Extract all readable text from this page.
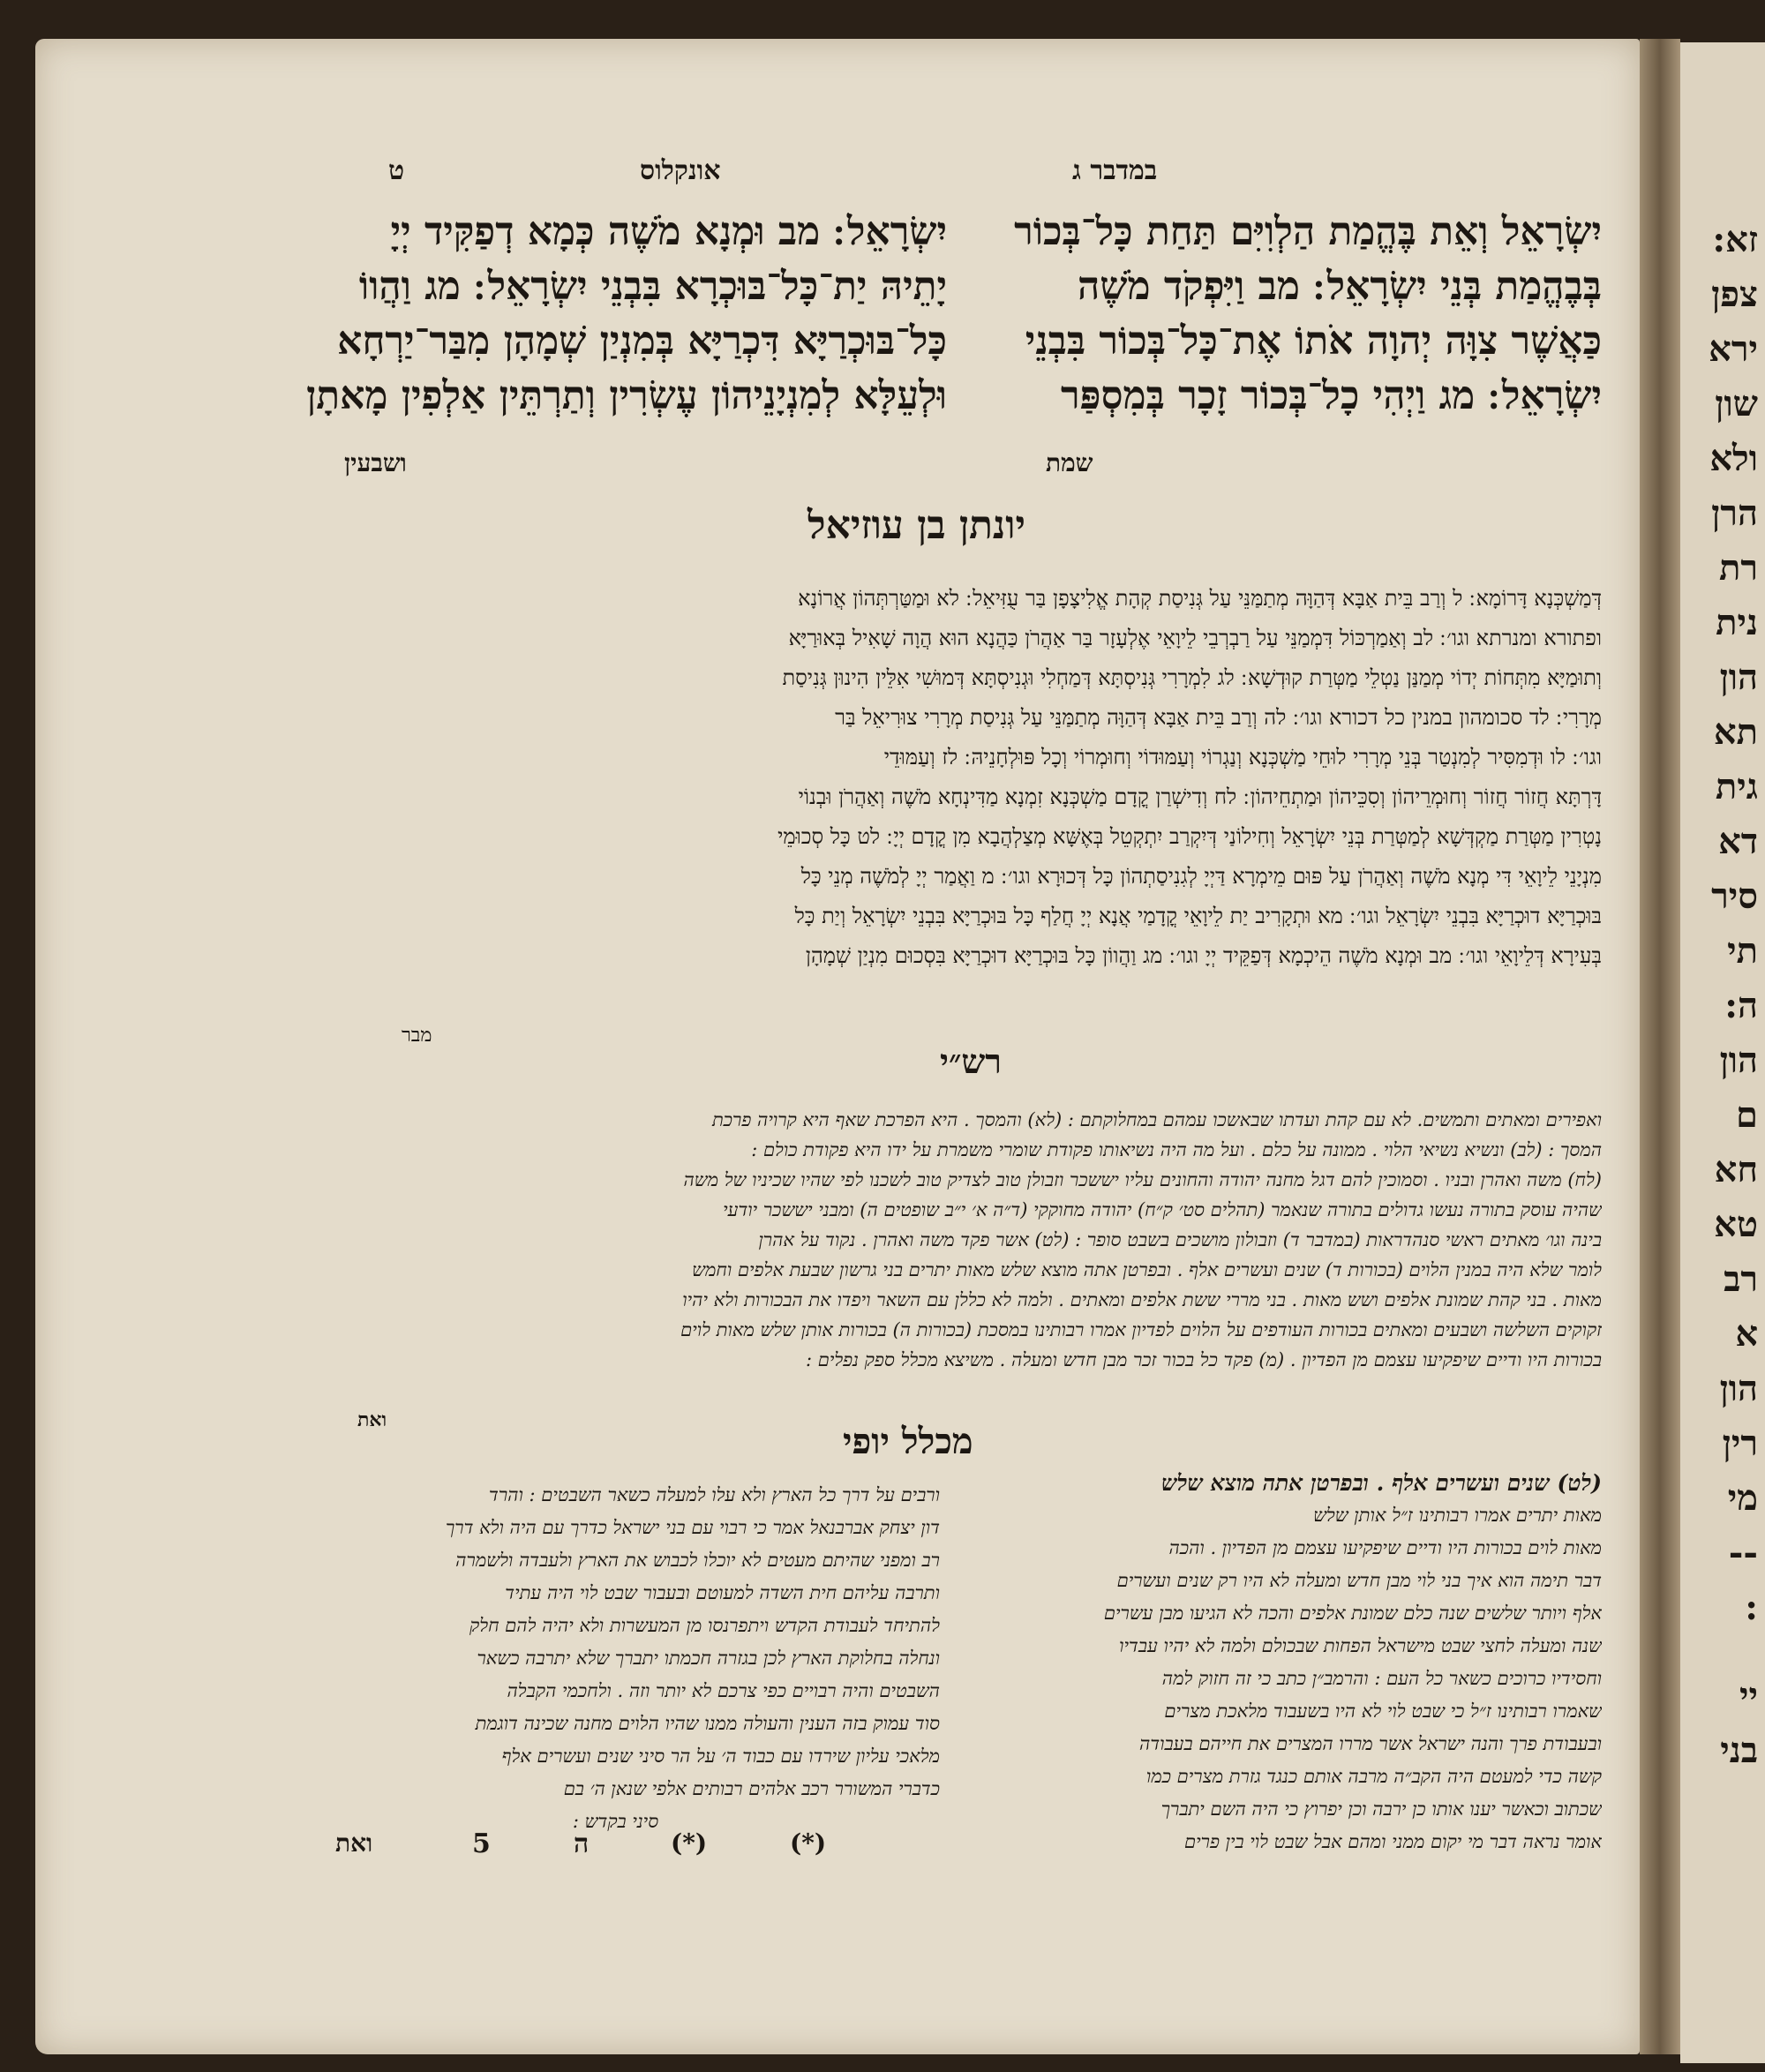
זא:
צפן
ירא
שון
ולא
הרן
רת
נית
הון
תא
גית
דא
סיר
תי
ה:
הון
ם
חא
טא
רב
א
הון
רין
מי
--
:
יי
בני
במדבר ג
אונקלוס
ט
יִשְׂרָאֵל וְאֵת בֶּהֱמַת הַלְוִיִּם תַּחַת כָּל־בְּכוֹר
בְּבֶהֱמַת בְּנֵי יִשְׂרָאֵל ׃ מב וַיִּפְקֹד מֹשֶׁה
כַּאֲשֶׁר צִוָּה יְהוָה אֹתוֹ אֶת־כָּל־בְּכוֹר בִּבְנֵי
יִשְׂרָאֵל ׃ מג וַיְהִי כָל־בְּכוֹר זָכָר בְּמִסְפַּר
שמת
יִשְׂרָאֵל ׃ מב וּמְנָא מֹשֶׁה כְּמָא דְפַקִּיד יְיָ
יָתֵיהּ יַת־כָּל־בּוּכְרָא בִּבְנֵי יִשְׂרָאֵל ׃ מג וַהֲווֹ
כָּל־בּוּכְרַיָּא דִּכְרַיָּא בְּמִנְיַן שְׁמָהָן מִבַּר־יַרְחָא
וּלְעֵלָּא לְמִנְיָנֵיהוֹן עֶשְׂרִין וְתַרְתֵּין אַלְפִין מָאתָן
ושבעין
יונתן בן עוזיאל
דְּמַשְׁכְּנָא דָּרוֹמָא ׃ ל וְרַב בֵּית אַבָּא דְּהַוָּה מְתַמַּנֵּי עַל גְּנִיסַת קְהָת אֱלִיצָפָן בַּר עֻזִּיאֵל ׃ לא וּמַטַּרְתְּהוֹן אֲרוֹנָא
ופתורא ומנרתא וגו׳ ׃ לב וְאַמַרְכּוֹל דִּמְמַנֵּי עַל רַבְרְבֵי לֵיוָאֵי אֶלְעָזָר בַּר אַהֲרֹן כַּהֲנָא הוּא הֲוָה שָׁאִיל בְּאוּרַיָּא
וְתוּמַיָּא מִתְּחוֹת יְדוֹי מְמַנַּן נַטְלֵי מַטְּרַת קוּדְשָׁא ׃ לג לִמְרָרִי גְּנִיסְתָּא דְּמַחְלִי וּגְנִיסְתָּא דְּמוּשִׁי אִלֵּין הִינוּן גְּנִיסַת
מְרָרִי ׃ לד סכומהון במנין כל דכורא וגו׳ ׃ לה וְרַב בֵּית אַבָּא דְּהַוָּה מְתַמַּנֵּי עַל גְּנִיסַת מְרָרִי צוּרִיאֵל בַּר
וגו׳ ׃ לו וּדְמִסִּיר לְמִנְטַר בְּנֵי מְרָרִי לוּחֵי מַשְׁכְּנָא וְנַגְרוֹי וְעַמּוּדוֹי וְחוּמְרוֹי וְכָל פּוּלְחָנֵיהּ ׃ לז וְעַמּוּדֵי
דָּרְתָּא חֲזוֹר חֲזוֹר וְחוּמְרֵיהוֹן וְסִכֵּיהוֹן וּמַתְחֵיהוֹן ׃ לח וְדִישְׁרַן קֳדָם מַשְׁכְּנָא זִמְנָא מַדִּינְחָא מֹשֶׁה וְאַהֲרֹן וּבְנוֹי
נָטְרִין מַטְּרַת מַקְדְּשָׁא לְמַטְּרַת בְּנֵי יִשְׂרָאֵל וְחִילוֹנַי דְּיִקְרַב יִתְקְטֵל בְּאֶשָּׁא מְצַלְהֲבָא מִן קֳדָם יְיָ ׃ לט כָּל סְכוּמֵי
מִנְיָנֵי לֵיוָאֵי דִּי מְנָא מֹשֶׁה וְאַהֲרֹן עַל פּוּם מֵימְרָא דַּיְיָ לְגִנִיסַתְהוֹן כָּל דְּכוּרָא וגו׳ ׃ מ וַאֲמַר יְיָ לְמֹשֶׁה מְנֵי כָּל
בּוּכְרַיָּא דוּכְרַיָּא בִּבְנֵי יִשְׂרָאֵל וגו׳ ׃ מא וּתְקָרִיב יַת לֵיוָאֵי קֳדָמַי אֲנָא יְיָ חֲלַף כָּל בּוּכְרַיָּא בִּבְנֵי יִשְׂרָאֵל וְיַת כָּל
בְּעִירָא דְּלֵיוָאֵי וגו׳ ׃ מב וּמְנָא מֹשֶׁה הֵיכְמָא דְּפַקֵּיד יְיָ וגו׳ ׃ מג וַהֲווֹן כָּל בּוּכְרַיָּא דוּכְרַיָּא בִּסְכוּם מִנְיַן שְׁמָהָן
מבר
רש״י
ואפירים ומאתים ותמשים. לא עם קהת ועדתו שבאשכו עמהם במחלוקתם : (לא) והמסך . היא הפרכת שאף היא קרויה פרכת
המסך : (לב) ונשיא נשיאי הלוי . ממונה על כלם . ועל מה היה נשיאותו פקודת שומרי משמרת על ידו היא פקודת כולם :
(לח) משה ואהרן ובניו . וסמוכין להם דגל מחנה יהודה והחונים עליו יששכר וזבולן טוב לצדיק טוב לשכנו לפי שהיו שכיניו של משה
שהיה עוסק בתורה נעשו גדולים בתורה שנאמר (תהלים סט׳ ק״ח) יהודה מחוקקי (ד״ה א׳ י״ב שופטים ה) ומבני יששכר יודעי
בינה וגו׳ מאתים ראשי סנהדראות (במדבר ד) וזבולון מושכים בשבט סופר : (לט) אשר פקד משה ואהרן . נקוד על אהרן
לומר שלא היה במנין הלוים (בכורות ד) שנים ועשרים אלף . ובפרטן אתה מוצא שלש מאות יתרים בני גרשון שבעת אלפים וחמש
מאות . בני קהת שמונת אלפים ושש מאות . בני מררי ששת אלפים ומאתים . ולמה לא כללן עם השאר ויפדו את הבכורות ולא יהיו
זקוקים השלשה ושבעים ומאתים בכורות העודפים על הלוים לפדיון אמרו רבותינו במסכת (בכורות ה) בכורות אותן שלש מאות לוים
בכורות היו ודיים שיפקיעו עצמם מן הפדיון . (מ) פקד כל בכור זכר מבן חדש ומעלה . משיצא מכלל ספק נפלים :
ואת
מכלל יופי
(לט) שנים ועשרים אלף . ובפרטן אתה מוצא שלש
מאות יתרים אמרו רבותינו ז״ל אותן שלש
מאות לוים בכורות היו ודיים שיפקיעו עצמם מן הפדיון . והכה
דבר תימה הוא איך בני לוי מבן חדש ומעלה לא היו רק שנים ועשרים
אלף ויותר שלשים שנה כלם שמונת אלפים והכה לא הגיעו מבן עשרים
שנה ומעלה לחצי שבט מישראל הפחות שבכולם ולמה לא יהיו עבדיו
וחסידיו כרוכים כשאר כל העם : והרמב״ן כתב כי זה חזוק למה
שאמרו רבותינו ז״ל כי שבט לוי לא היו בשעבוד מלאכת מצרים
ובעבודת פרך והנה ישראל אשר מררו המצרים את חייהם בעבודה
קשה כדי למעטם היה הקב״ה מרבה אותם כנגד גזרת מצרים כמו
שכתוב וכאשר יענו אותו כן ירבה וכן יפרוץ כי היה השם יתברך
אומר נראה דבר מי יקום ממני ומהם אבל שבט לוי בין פרים
ורבים על דרך כל הארץ ולא עלו למעלה כשאר השבטים : והרד
דון יצחק אברבנאל אמר כי רבוי עם בני ישראל כדרך עם היה ולא דרך
רב ומפני שהיתם מעטים לא יוכלו לכבוש את הארץ ולעבדה ולשמרה
ותרבה עליהם חית השדה למעוטם ובעבור שבט לוי היה עתיד
להתיחד לעבודת הקדש ויתפרנסו מן המעשרות ולא יהיה להם חלק
ונחלה בחלוקת הארץ לכן בגזרה חכמתו יתברך שלא יתרבה כשאר
השבטים והיה רבויים כפי צרכם לא יותר וזה . ולחכמי הקבלה
סוד עמוק בזה הענין והעולה ממנו שהיו הלוים מחנה שכינה דוגמת
מלאכי עליון שירדו עם כבוד ה׳ על הר סיני שנים ועשרים אלף
כדברי המשורר רכב אלהים רבותים אלפי שנאן ה׳ בם
סיני בקדש :
(*)
(*)
ה
5
ואת
